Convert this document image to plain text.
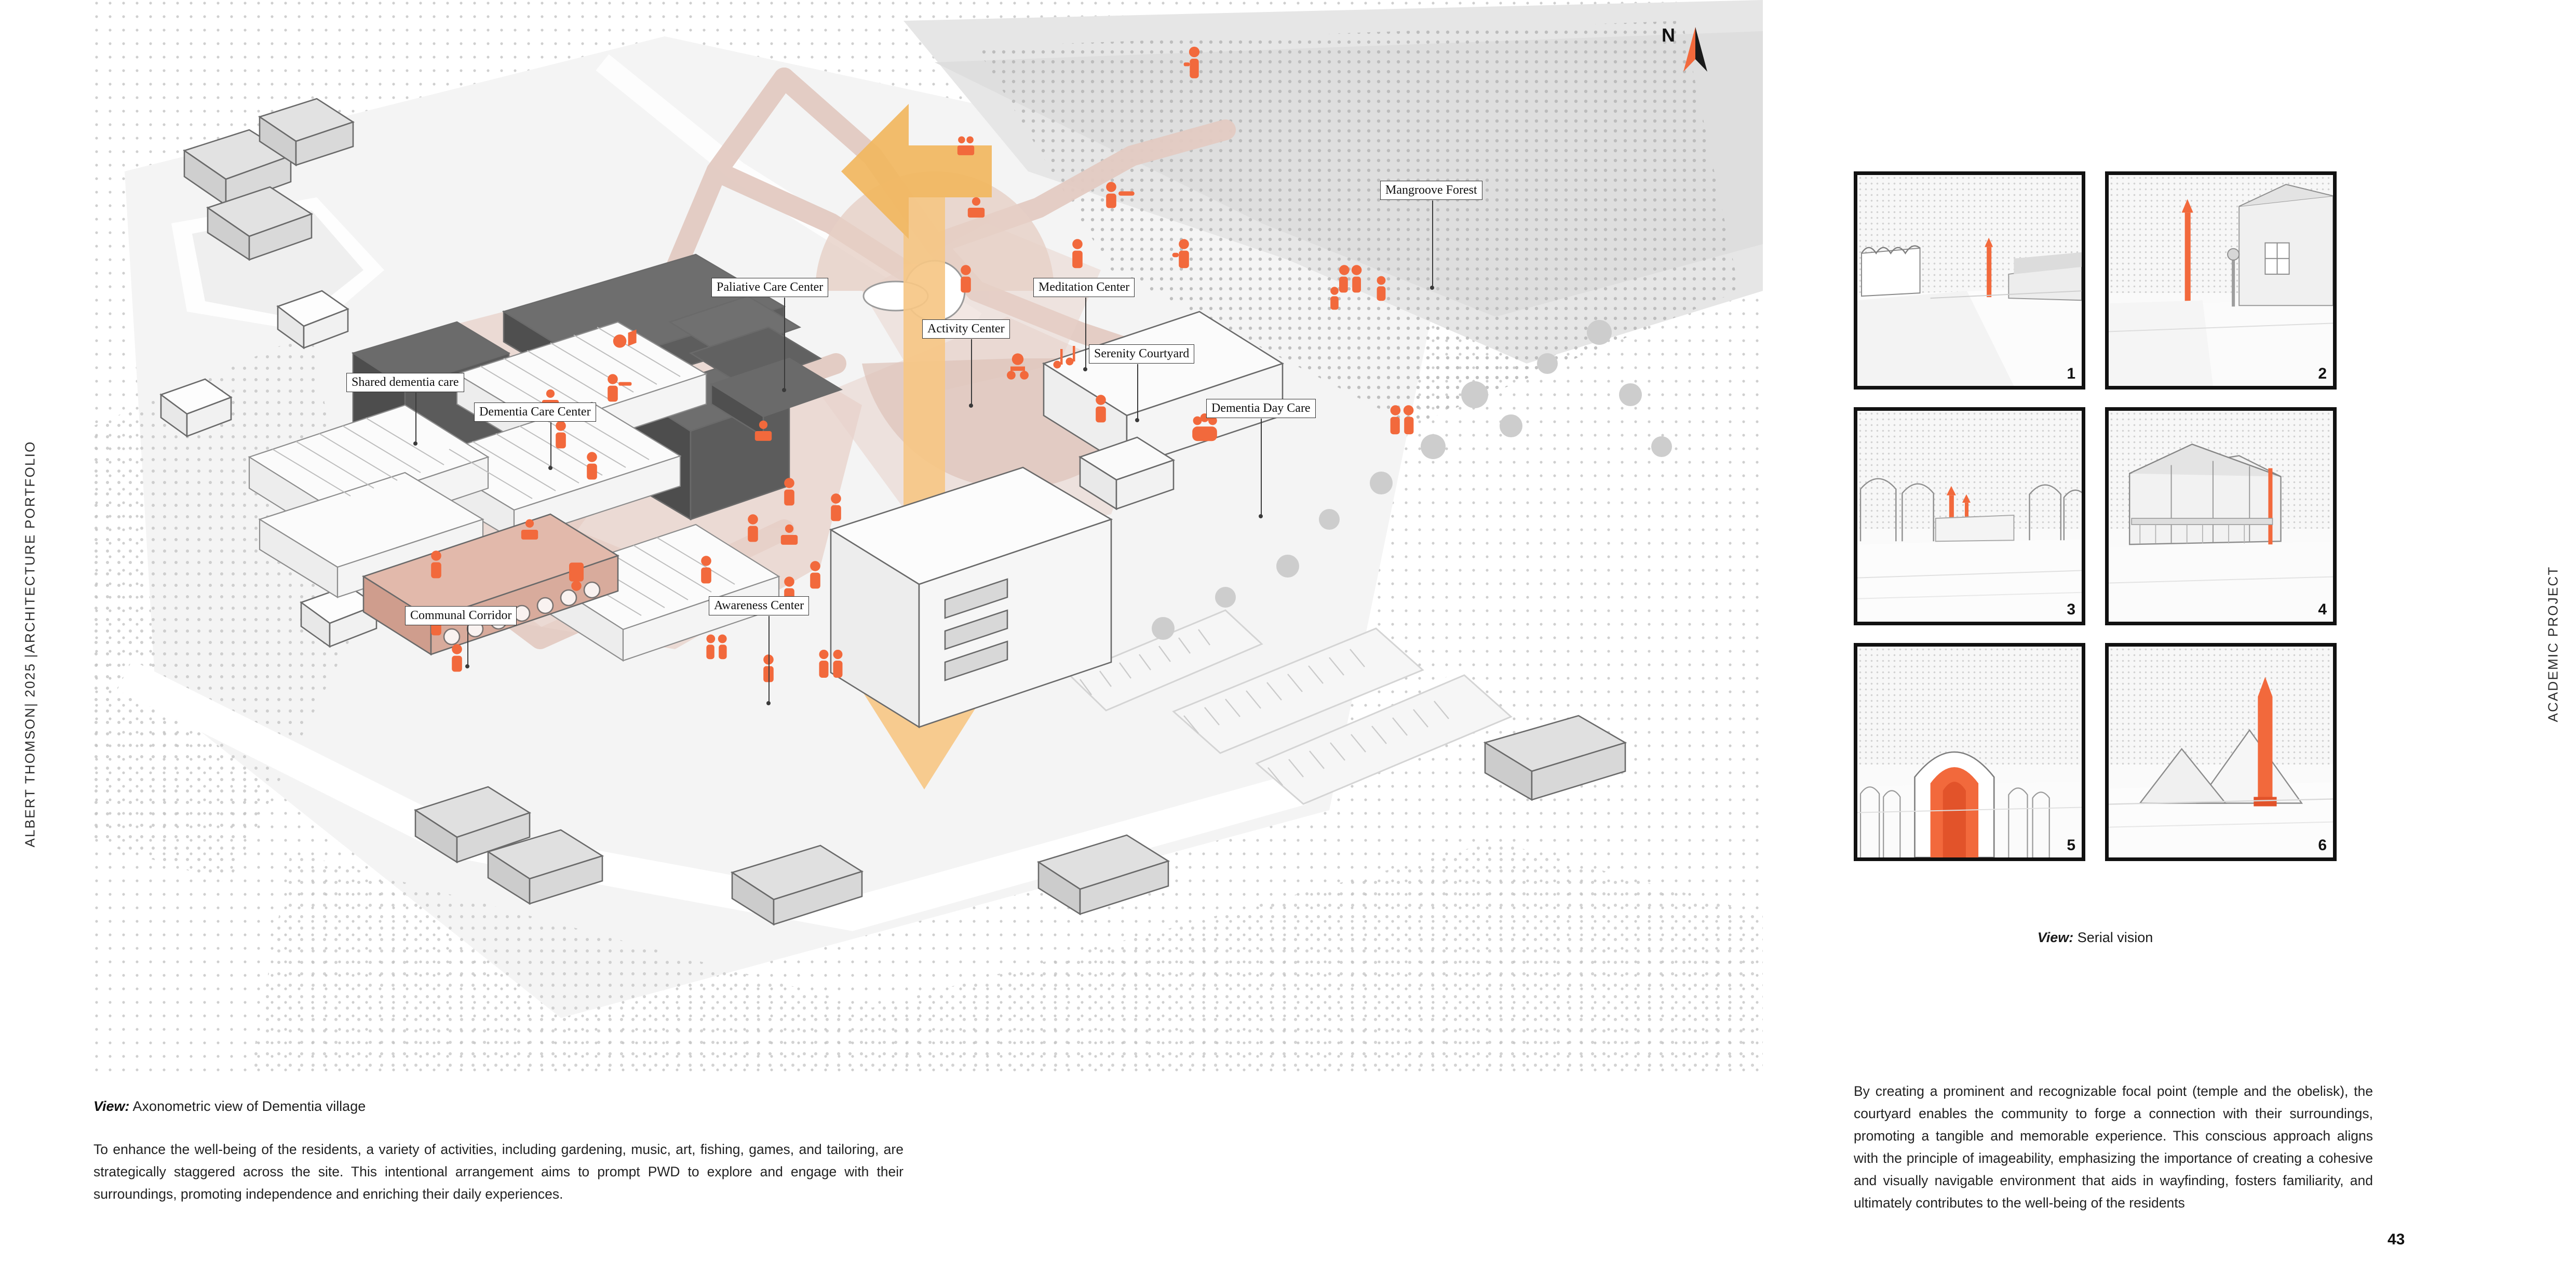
ALBERT THOMSON| 2025 |ARCHITECTURE PORTFOLIO	ACADEMIC PROJECT
N
Mangroove Forest
Paliative Care Center	Meditation Center
Activity Center
Serenity Courtyard
Shared dementia care
Dementia Care Center	Dementia Day Care
Communal Corridor
Awareness Center
View: Axonometric view of Dementia village
To enhance the well-being of the residents, a variety of activities, including gardening, music, art, fishing, games, and tailoring, are strategically staggered across the site. This intentional arrangement aims to prompt PWD to explore and engage with their surroundings, promoting independence and enriching their daily experiences.
1	2
3	4
5	6
View: Serial vision
By creating a prominent and recognizable focal point (temple and the obelisk), the courtyard enables the community to forge a connection with their surroundings, promoting a tangible and memorable experience. This conscious approach aligns with the principle of imageability, emphasizing the importance of creating a cohesive and visually navigable environment that aids in wayfinding, fosters familiarity, and ultimately contributes to the well-being of the residents
43
